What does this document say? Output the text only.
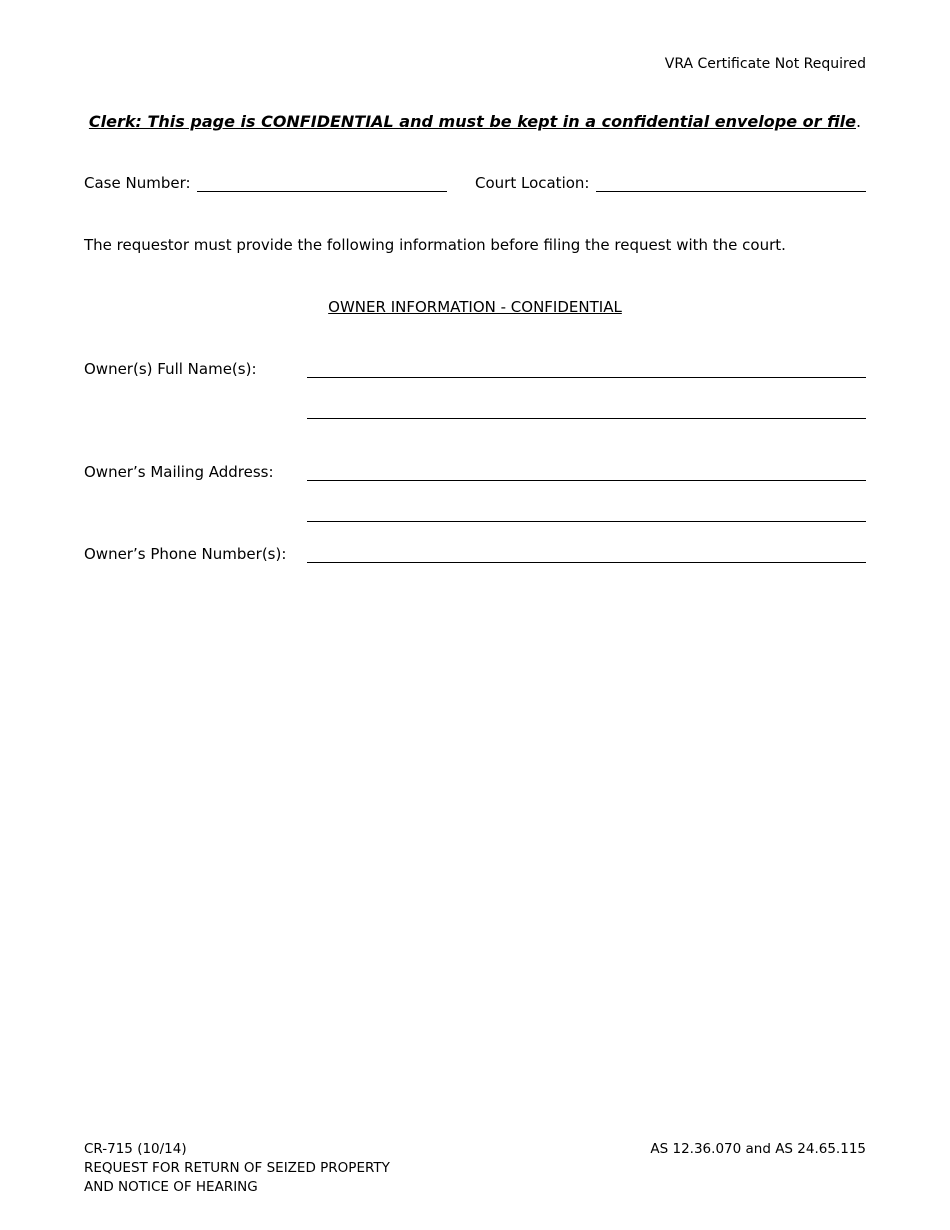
VRA Certificate Not Required
Clerk: This page is CONFIDENTIAL and must be kept in a confidential envelope or file.
Case Number:	Court Location:
The requestor must provide the following information before filing the request with the court.
OWNER INFORMATION - CONFIDENTIAL
Owner(s) Full Name(s):
Owner’s Mailing Address:
Owner’s Phone Number(s):
CR-715 (10/14)
REQUEST FOR RETURN OF SEIZED PROPERTY
AND NOTICE OF HEARING
AS 12.36.070 and AS 24.65.115
